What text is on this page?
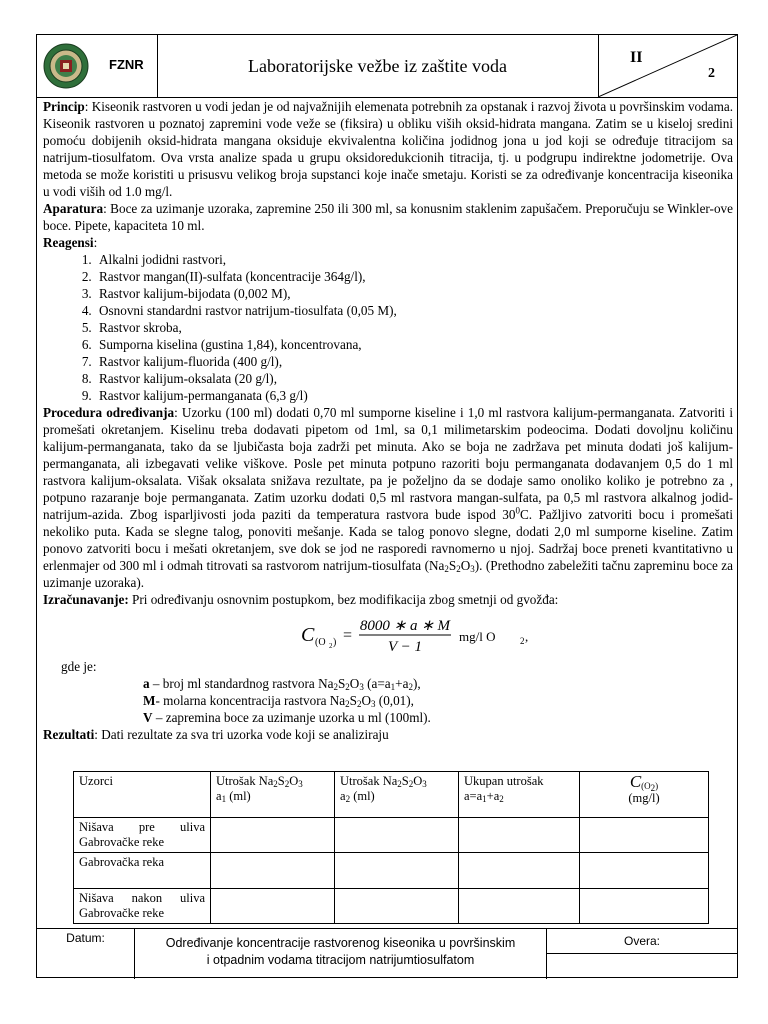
FZNR	Laboratorijske vežbe iz zaštite voda	II
2

Princip: Kiseonik rastvoren u vodi jedan je od najvažnijih elemenata potrebnih za opstanak i razvoj života u površinskim vodama. Kiseonik rastvoren u poznatoj zapremini vode veže se (fiksira) u obliku viših oksid-hidrata mangana. Zatim se u kiseloj sredini pomoću dobijenih oksid-hidrata mangana oksiduje ekvivalentna količina jodidnog jona u jod koji se određuje titracijom sa natrijum-tiosulfatom. Ova vrsta analize spada u grupu oksidoredukcionih titracija, tj. u podgrupu indirektne jodometrije. Ova metoda se može koristiti u prisusvu velikog broja supstanci koje inače smetaju. Koristi se za određivanje koncentracija kiseonika u vodi viših od 1.0 mg/l.

Aparatura: Boce za uzimanje uzoraka, zapremine 250 ili 300 ml, sa konusnim staklenim zapušačem. Preporučuju se Winkler-ove boce. Pipete, kapaciteta 10 ml.

Reagensi:

1. Alkalni jodidni rastvori,
2. Rastvor mangan(II)-sulfata (koncentracije 364g/l),
3. Rastvor kalijum-bijodata (0,002 M),
4. Osnovni standardni rastvor natrijum-tiosulfata (0,05 M),
5. Rastvor skroba,
6. Sumporna kiselina (gustina 1,84), koncentrovana,
7. Rastvor kalijum-fluorida (400 g/l),
8. Rastvor kalijum-oksalata (20 g/l),
9. Rastvor kalijum-permanganata (6,3 g/l)

Procedura određivanja: Uzorku (100 ml) dodati 0,70 ml sumporne kiseline i 1,0 ml rastvora kalijum-permanganata. Zatvoriti i promešati okretanjem. Kiselinu treba dodavati pipetom od 1ml, sa 0,1 milimetarskim podeocima. Dodati dovoljnu količinu kalijum-permanganata, tako da se ljubičasta boja zadrži pet minuta. Ako se boja ne zadržava pet minuta dodati još kalijum-permanganata, ali izbegavati velike viškove. Posle pet minuta potpuno razoriti boju permanganata dodavanjem 0,5 do 1 ml rastvora kalijum-oksalata. Višak oksalata snižava rezultate, pa je poželjno da se dodaje samo onoliko koliko je potrebno za , potpuno razaranje boje permanganata. Zatim uzorku dodati 0,5 ml rastvora mangan-sulfata, pa 0,5 ml rastvora alkalnog jodid-natrijum-azida. Zbog isparljivosti joda paziti da temperatura rastvora bude ispod $30^0C$. Pažljivo zatvoriti bocu i promešati nekoliko puta. Kada se slegne talog, ponoviti mešanje. Kada se talog ponovo slegne, dodati 2,0 ml sumporne kiseline. Zatim ponovo zatvoriti bocu i mešati okretanjem, sve dok se jod ne rasporedi ravnomerno u njoj. Sadržaj boce preneti kvantitativno u erlenmajer od 300 ml i odmah titrovati sa rastvorom natrijum-tiosulfata $(Na_2S_2O_3)$. (Prethodno zabeležiti tačnu zapreminu boce za uzimanje uzoraka).

Izračunavanje: Pri određivanju osnovnim postupkom, bez modifikacija zbog smetnji od gvožđa:

C (O 2 ) =
8000 ∗ a ∗ M
V − 1
mg/l O	2 ,

gde je:

a – broj ml standardnog rastvora $Na_2S_2O_3$ $(a=a_1+a_2)$,

M- molarna koncentracija rastvora $Na_2S_2O_3$ (0,01),

V – zapremina boce za uzimanje uzorka u ml (100ml).

Rezultati: Dati rezultate za sva tri uzorka vode koji se analiziraju

Uzorci	Utrošak $Na_2S_2O_3$
$a_1$ (ml)	Utrošak $Na_2S_2O_3$
$a_2$ (ml)	Ukupan utrošak
$a=a_1+a_2$	$C_{(O_2)}$
(mg/l)
Nišava pre uliva Gabrovačke reke				
Gabrovačka reka				
Nišava nakon uliva Gabrovačke reke				
Datum:	Određivanje koncentracije rastvorenog kiseonika u površinskim
i otpadnim vodama titracijom natrijumtiosulfatom
Overa:
